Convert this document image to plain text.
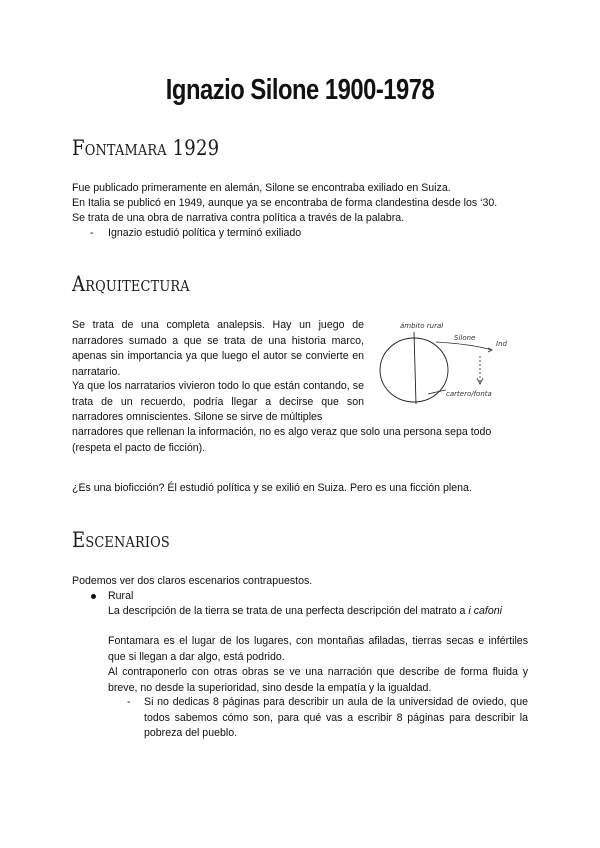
Ignazio Silone 1900-1978
Fontamara 1929

Fue publicado primeramente en alemán, Silone se encontraba exiliado en Suiza.

En Italia se publicó en 1949, aunque ya se encontraba de forma clandestina desde los ‘30.

Se trata de una obra de narrativa contra política a través de la palabra.

- Ignazio estudió política y terminó exiliado

Arquitectura

Se trata de una completa analepsis. Hay un juego de narradores sumado a que se trata de una historia marco, apenas sin importancia ya que luego el autor se convierte en narratario.

Ya que los narratarios vivieron todo lo que están contando, se trata de un recuerdo, podría llegar a decirse que son narradores omniscientes. Silone se sirve de múltiples

narradores que rellenan la información, no es algo veraz que solo una persona sepa todo (respeta el pacto de ficción).

¿Es una bioficción? Él estudió política y se exilió en Suiza. Pero es una ficción plena.

ámbito rural
Silone
Ind
cartero/fonta
Escenarios

Podemos ver dos claros escenarios contrapuestos.

Rural

La descripción de la tierra se trata de una perfecta descripción del matrato a i cafoni

Fontamara es el lugar de los lugares, con montañas afiladas, tierras secas e infértiles que si llegan a dar algo, está podrido.

Al contraponerlo con otras obras se ve una narración que describe de forma fluida y breve, no desde la superioridad, sino desde la empatía y la igualdad.

- Si no dedicas 8 páginas para describir un aula de la universidad de oviedo, que todos sabemos cómo son, para qué vas a escribir 8 páginas para describir la pobreza del pueblo.
